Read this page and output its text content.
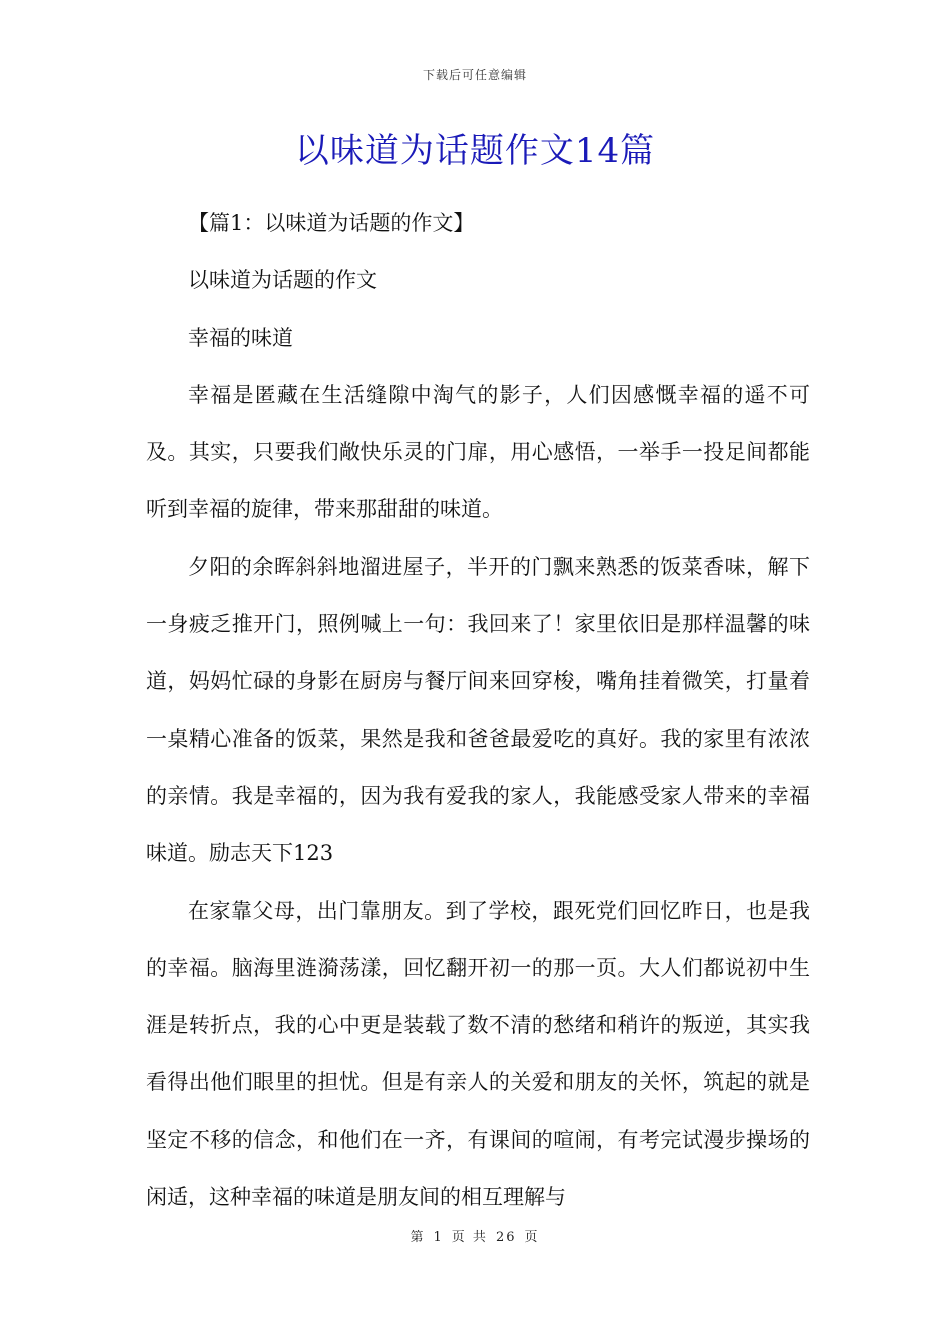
下载后可任意编辑
以味道为话题作文14篇

【篇1：以味道为话题的作文】

以味道为话题的作文

幸福的味道

幸福是匿藏在生活缝隙中淘气的影子，人们因感慨幸福的遥不可及。其实，只要我们敞快乐灵的门扉，用心感悟，一举手一投足间都能听到幸福的旋律，带来那甜甜的味道。

夕阳的余晖斜斜地溜进屋子，半开的门飘来熟悉的饭菜香味，解下一身疲乏推开门，照例喊上一句：我回来了！家里依旧是那样温馨的味道，妈妈忙碌的身影在厨房与餐厅间来回穿梭，嘴角挂着微笑，打量着一桌精心准备的饭菜，果然是我和爸爸最爱吃的真好。我的家里有浓浓的亲情。我是幸福的，因为我有爱我的家人，我能感受家人带来的幸福味道。励志天下123

在家靠父母，出门靠朋友。到了学校，跟死党们回忆昨日，也是我的幸福。脑海里涟漪荡漾，回忆翻开初一的那一页。大人们都说初中生涯是转折点，我的心中更是装载了数不清的愁绪和稍许的叛逆，其实我看得出他们眼里的担忧。但是有亲人的关爱和朋友的关怀，筑起的就是坚定不移的信念，和他们在一齐，有课间的喧闹，有考完试漫步操场的闲适，这种幸福的味道是朋友间的相互理解与

第 1 页 共 26 页
